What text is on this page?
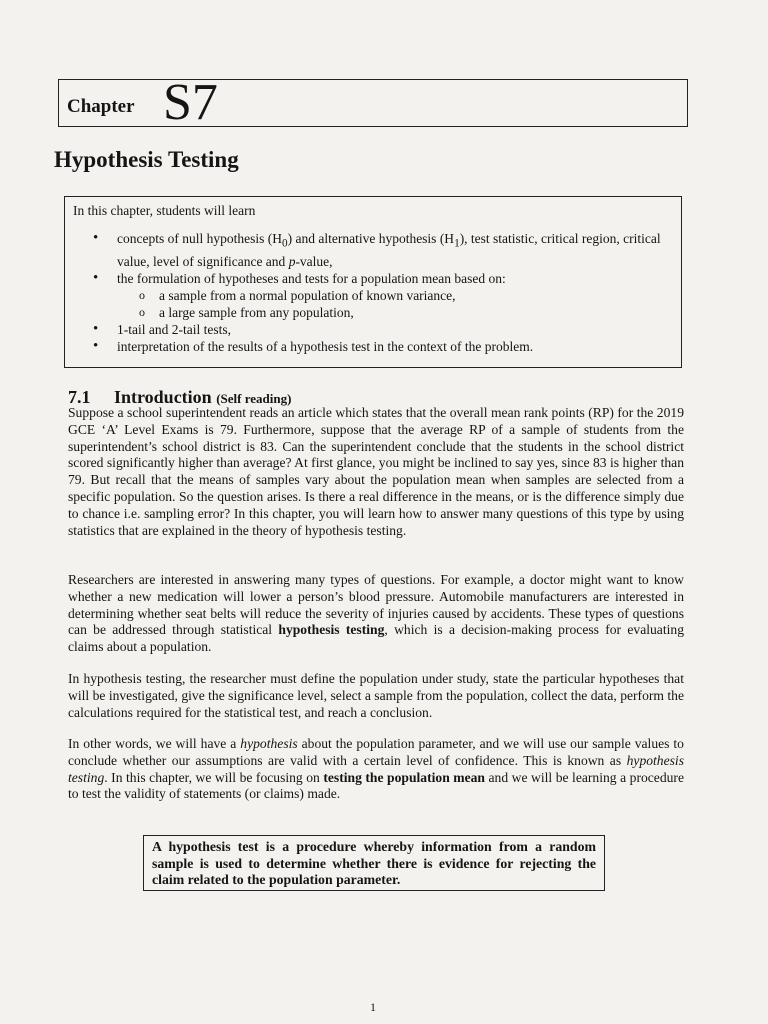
Chapter S7
Hypothesis Testing
In this chapter, students will learn
• concepts of null hypothesis $(H_0)$ and alternative hypothesis $(H_1)$, test statistic, critical region, critical value, level of significance and p-value,
• the formulation of hypotheses and tests for a population mean based on:
o a sample from a normal population of known variance,
o a large sample from any population,
• 1-tail and 2-tail tests,
• interpretation of the results of a hypothesis test in the context of the problem.
7.1 Introduction (Self reading)

Suppose a school superintendent reads an article which states that the overall mean rank points (RP) for the 2019 GCE ‘A’ Level Exams is 79. Furthermore, suppose that the average RP of a sample of students from the superintendent’s school district is 83. Can the superintendent conclude that the students in the school district scored significantly higher than average? At first glance, you might be inclined to say yes, since 83 is higher than 79. But recall that the means of samples vary about the population mean when samples are selected from a specific population. So the question arises. Is there a real difference in the means, or is the difference simply due to chance i.e. sampling error? In this chapter, you will learn how to answer many questions of this type by using statistics that are explained in the theory of hypothesis testing.

Researchers are interested in answering many types of questions. For example, a doctor might want to know whether a new medication will lower a person’s blood pressure. Automobile manufacturers are interested in determining whether seat belts will reduce the severity of injuries caused by accidents. These types of questions can be addressed through statistical hypothesis testing, which is a decision-making process for evaluating claims about a population.

In hypothesis testing, the researcher must define the population under study, state the particular hypotheses that will be investigated, give the significance level, select a sample from the population, collect the data, perform the calculations required for the statistical test, and reach a conclusion.

In other words, we will have a hypothesis about the population parameter, and we will use our sample values to conclude whether our assumptions are valid with a certain level of confidence. This is known as hypothesis testing. In this chapter, we will be focusing on testing the population mean and we will be learning a procedure to test the validity of statements (or claims) made.

A hypothesis test is a procedure whereby information from a random sample is used to determine whether there is evidence for rejecting the claim related to the population parameter.
1
